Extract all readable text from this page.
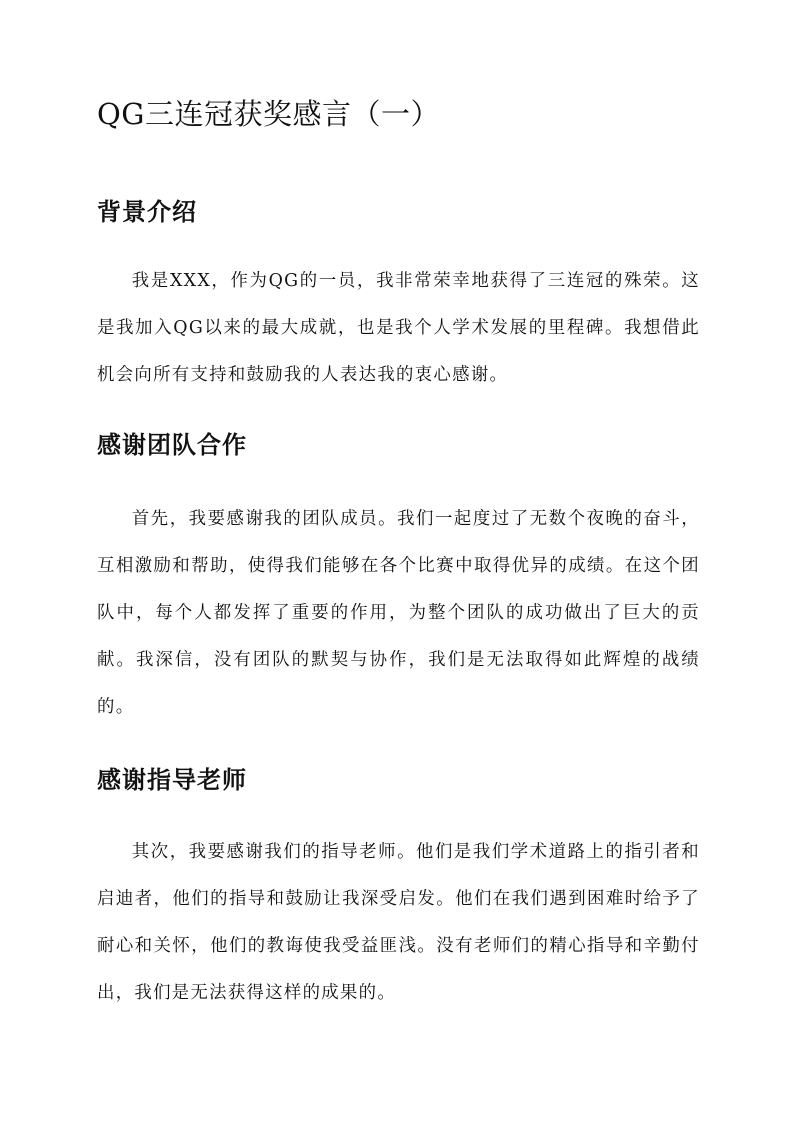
QG三连冠获奖感言（一）
背景介绍

我是XXX，作为QG的一员，我非常荣幸地获得了三连冠的殊荣。这是我加入QG以来的最大成就，也是我个人学术发展的里程碑。我想借此机会向所有支持和鼓励我的人表达我的衷心感谢。

感谢团队合作

首先，我要感谢我的团队成员。我们一起度过了无数个夜晚的奋斗，互相激励和帮助，使得我们能够在各个比赛中取得优异的成绩。在这个团队中，每个人都发挥了重要的作用，为整个团队的成功做出了巨大的贡献。我深信，没有团队的默契与协作，我们是无法取得如此辉煌的战绩的。

感谢指导老师

其次，我要感谢我们的指导老师。他们是我们学术道路上的指引者和启迪者，他们的指导和鼓励让我深受启发。他们在我们遇到困难时给予了耐心和关怀，他们的教诲使我受益匪浅。没有老师们的精心指导和辛勤付出，我们是无法获得这样的成果的。
